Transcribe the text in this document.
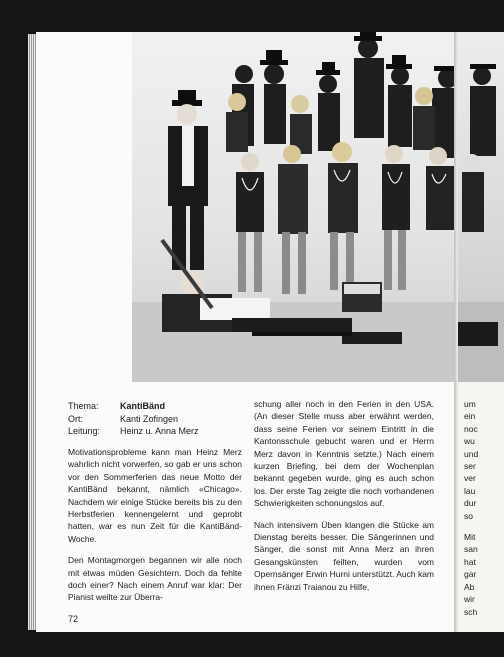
Thema:	KantiBänd
Ort:	Kanti Zofingen
Leitung:	Heinz u. Anna Merz

Motivationsprobleme kann man Heinz Merz wahrlich nicht vorwerfen, so gab er uns schon vor den Sommerferien das neue Motto der KantiBänd bekannt, nämlich «Chicago». Nachdem wir einige Stücke bereits bis zu den Herbstferien kennengelernt und geprobt hatten, war es nun Zeit für die KantiBänd-Woche.

Den Montagmorgen begannen wir alle noch mit etwas müden Gesichtern. Doch da fehlte doch einer? Nach einem Anruf war klar: Der Pianist weilte zur Überra-

schung aller noch in den Ferien in den USA. (An dieser Stelle muss aber erwähnt werden, dass seine Ferien vor seinem Eintritt in die Kantonsschule gebucht waren und er Herrn Merz davon in Kenntnis setzte.) Nach einem kurzen Briefing, bei dem der Wochenplan bekannt gegeben wurde, ging es auch schon los. Der erste Tag zeigte die noch vorhandenen Schwierigkeiten schonungslos auf.

Nach intensivem Üben klangen die Stücke am Dienstag bereits besser. Die Sängerinnen und Sänger, die sonst mit Anna Merz an ihren Gesangskünsten feilten, wurden vom Opernsänger Erwin Hurni unterstützt. Auch kam ihnen Fränzi Traianou zu Hilfe,

72
um
ein
noc
wu
und
ser
ver
lau
dur
so
Mit
san
hat
gar
Ab
wir
sch
